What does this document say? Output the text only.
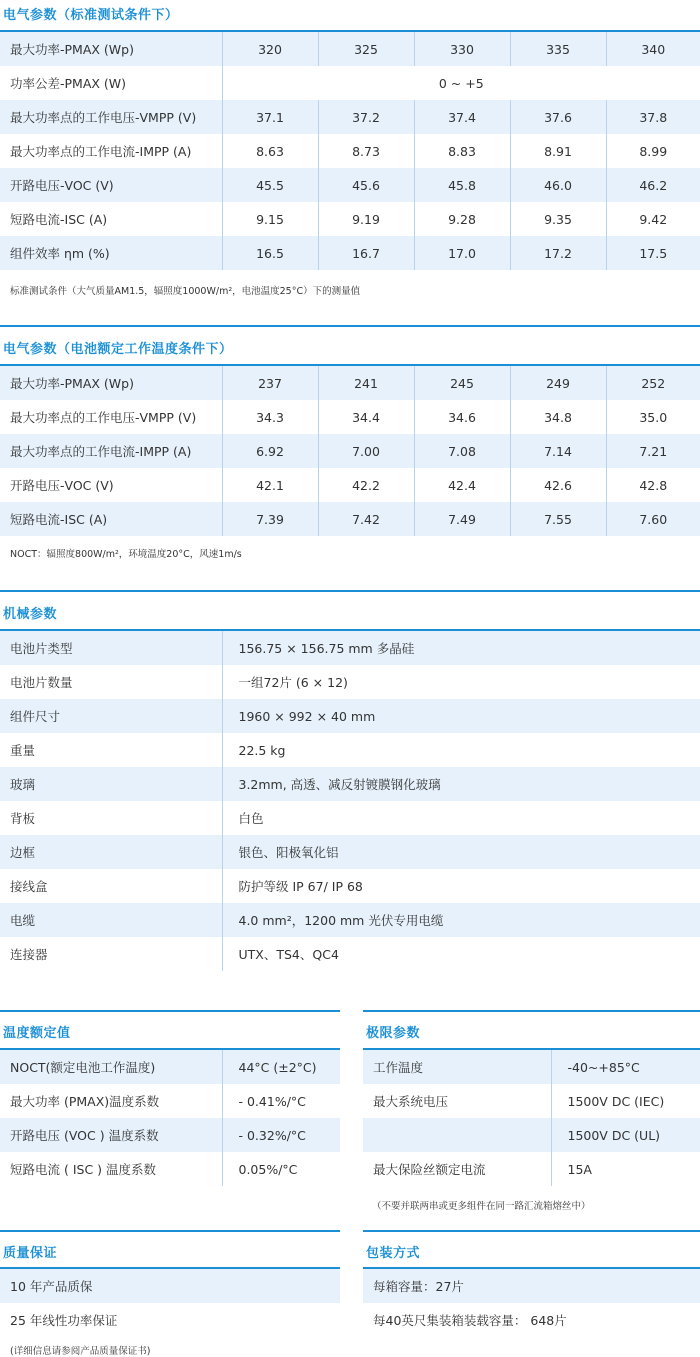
电气参数（标准测试条件下）
最大功率-PMAX (Wp)	320	325	330	335	340
功率公差-PMAX (W)	0 ~ +5				
最大功率点的工作电压-VMPP (V)	37.1	37.2	37.4	37.6	37.8
最大功率点的工作电流-IMPP (A)	8.63	8.73	8.83	8.91	8.99
开路电压-VOC (V)	45.5	45.6	45.8	46.0	46.2
短路电流-ISC (A)	9.15	9.19	9.28	9.35	9.42
组件效率 ηm (%)	16.5	16.7	17.0	17.2	17.5
标准测试条件（大气质量AM1.5，辐照度1000W/m²，电池温度25°C）下的测量值
电气参数（电池额定工作温度条件下）
最大功率-PMAX (Wp)	237	241	245	249	252
最大功率点的工作电压-VMPP (V)	34.3	34.4	34.6	34.8	35.0
最大功率点的工作电流-IMPP (A)	6.92	7.00	7.08	7.14	7.21
开路电压-VOC (V)	42.1	42.2	42.4	42.6	42.8
短路电流-ISC (A)	7.39	7.42	7.49	7.55	7.60
NOCT：辐照度800W/m²，环境温度20°C，风速1m/s
机械参数
电池片类型	156.75 × 156.75 mm 多晶硅
电池片数量	一组72片 (6 × 12)
组件尺寸	1960 × 992 × 40 mm
重量	22.5 kg
玻璃	3.2mm, 高透、减反射镀膜钢化玻璃
背板	白色
边框	银色、阳极氧化铝
接线盒	防护等级 IP 67/ IP 68
电缆	4.0 mm²，1200 mm 光伏专用电缆
连接器	UTX、TS4、QC4
温度额定值
NOCT(额定电池工作温度)	44°C (±2°C)
最大功率 (PMAX)温度系数	- 0.41%/°C
开路电压 (VOC ) 温度系数	- 0.32%/°C
短路电流 ( ISC ) 温度系数	0.05%/°C
极限参数
工作温度	-40~+85°C
最大系统电压	1500V DC (IEC)
	1500V DC (UL)
最大保险丝额定电流	15A
（不要并联两串或更多组件在同一路汇流箱熔丝中）
质量保证
10 年产品质保
25 年线性功率保证
(详细信息请参阅产品质量保证书)
包装方式
每箱容量：27片
每40英尺集装箱装载容量： 648片
